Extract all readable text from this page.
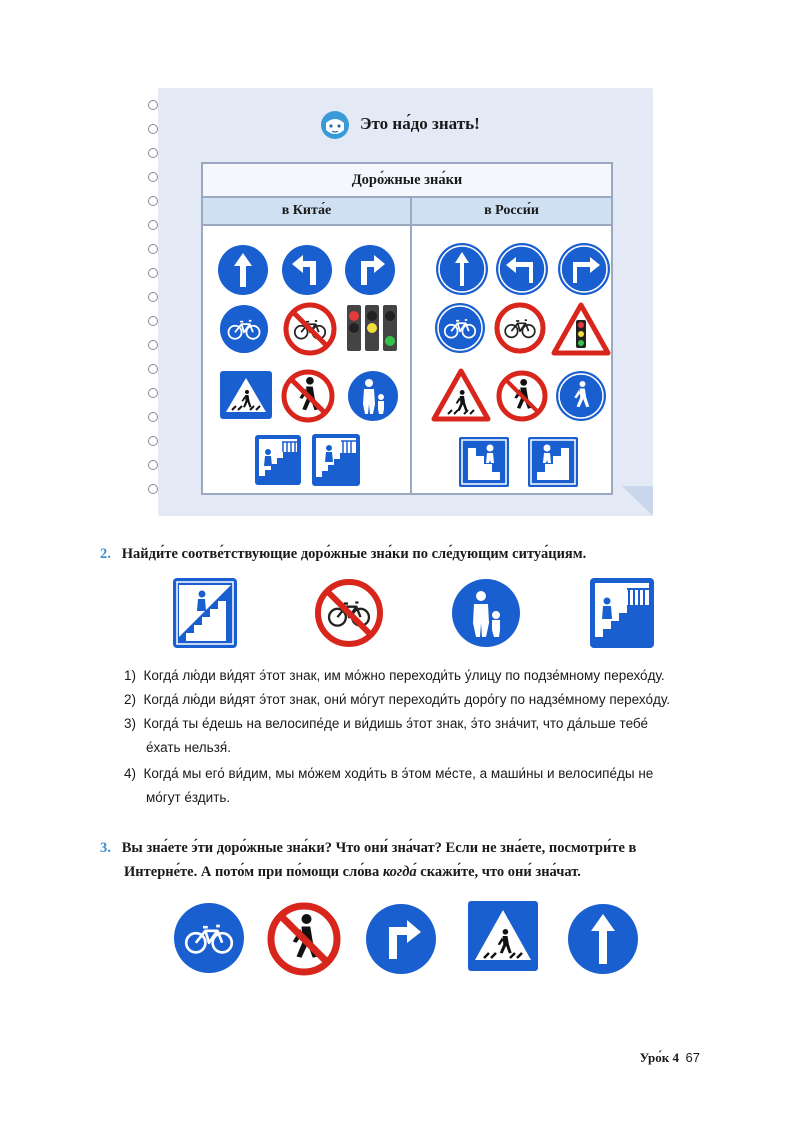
Это на́до знать!
Доро́жные зна́ки
в Кита́е	в Росси́и
2. Найди́те соотве́тствующие доро́жные зна́ки по сле́дующим ситуа́циям.
1) Когда́ лю́ди ви́дят э́тот знак, им мо́жно переходи́ть у́лицу по подзе́мному перехо́ду.
2) Когда́ лю́ди ви́дят э́тот знак, они́ мо́гут переходи́ть доро́гу по надзе́мному перехо́ду.
3) Когда́ ты е́дешь на велосипе́де и ви́дишь э́тот знак, э́то зна́чит, что да́льше тебе́
е́хать нельзя́.
4) Когда́ мы его́ ви́дим, мы мо́жем ходи́ть в э́том ме́сте, а маши́ны и велосипе́ды не
мо́гут е́здить.
3. Вы зна́ете э́ти доро́жные зна́ки? Что они́ зна́чат? Если не зна́ете, посмотри́те в
Интерне́те. А пото́м при по́мощи сло́ва когда́ скажи́те, что они́ зна́чат.
Уро́к 4 67
